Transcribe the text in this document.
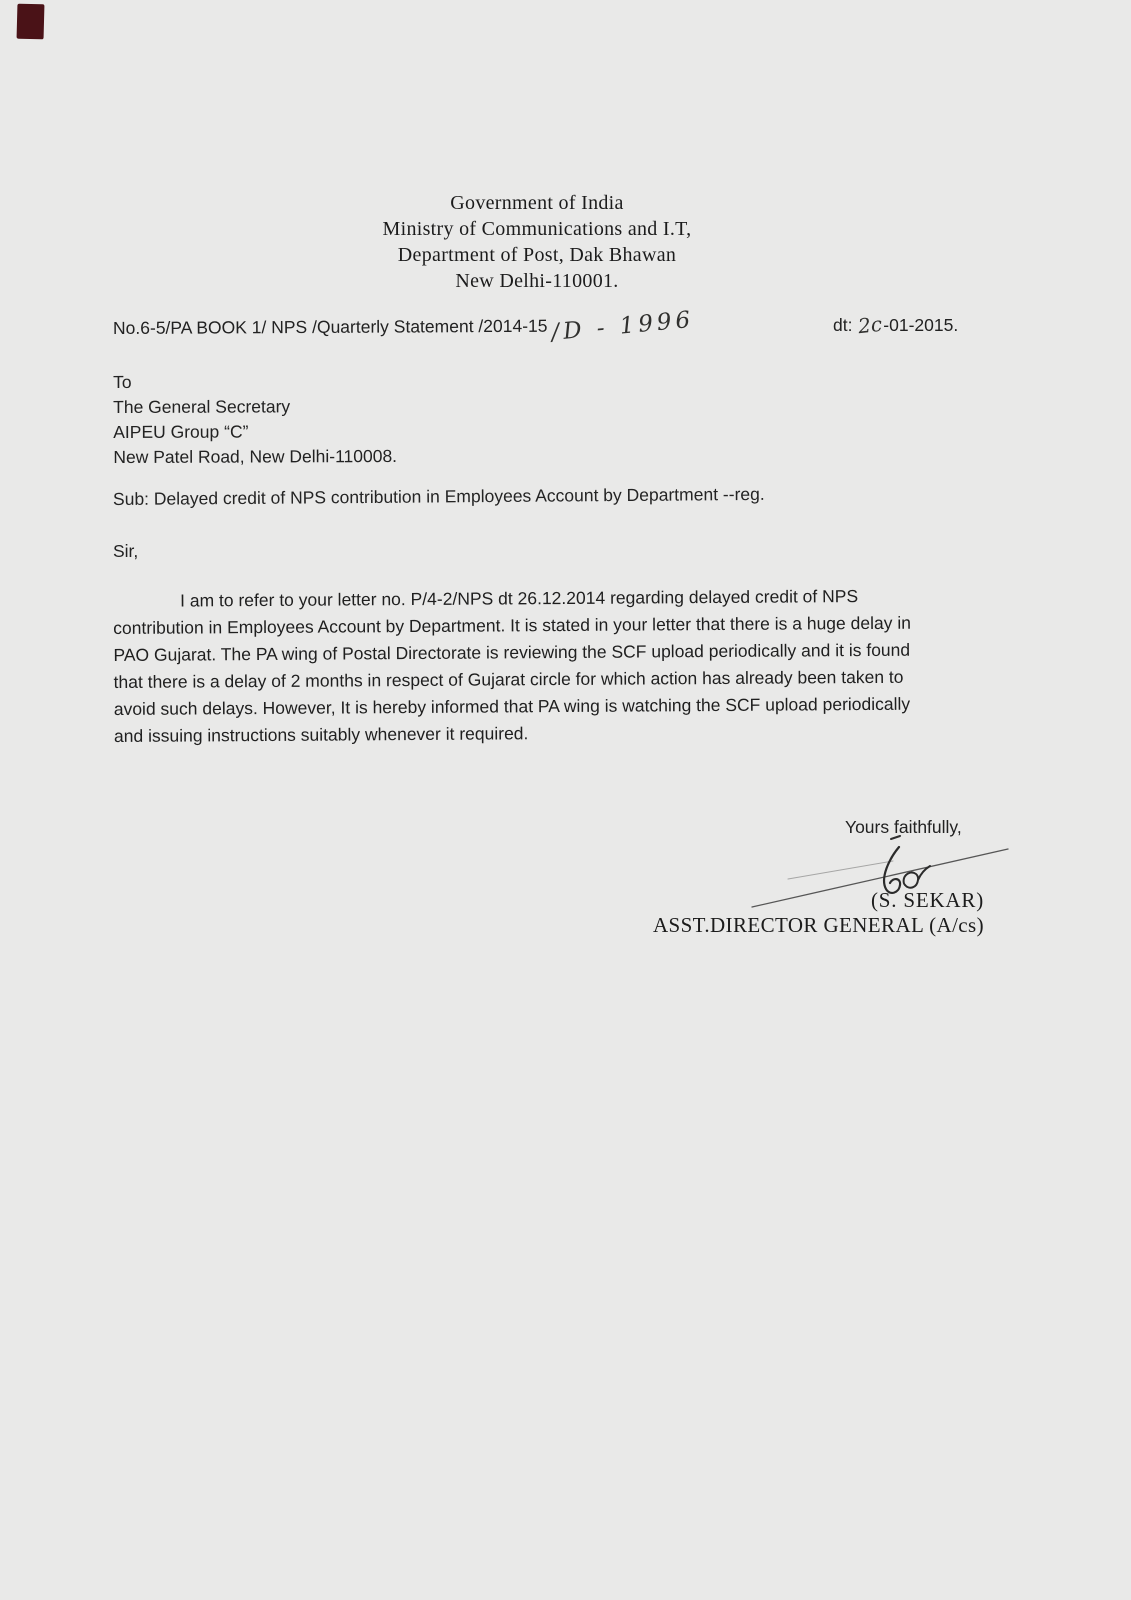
Government of India
Ministry of Communications and I.T,
Department of Post, Dak Bhawan
New Delhi-110001.
No.6-5/PA BOOK 1/ NPS /Quarterly Statement /2014-15 /D - 1996	dt: 2c-01-2015.
To
The General Secretary
AIPEU Group “C”
New Patel Road, New Delhi-110008.
Sub: Delayed credit of NPS contribution in Employees Account by Department --reg.
Sir,
I am to refer to your letter no. P/4-2/NPS dt 26.12.2014 regarding delayed credit of NPS
contribution in Employees Account by Department. It is stated in your letter that there is a huge delay in
PAO Gujarat. The PA wing of Postal Directorate is reviewing the SCF upload periodically and it is found
that there is a delay of 2 months in respect of Gujarat circle for which action has already been taken to
avoid such delays. However, It is hereby informed that PA wing is watching the SCF upload periodically
and issuing instructions suitably whenever it required.
Yours faithfully,
(S. SEKAR)
ASST.DIRECTOR GENERAL (A/cs)
